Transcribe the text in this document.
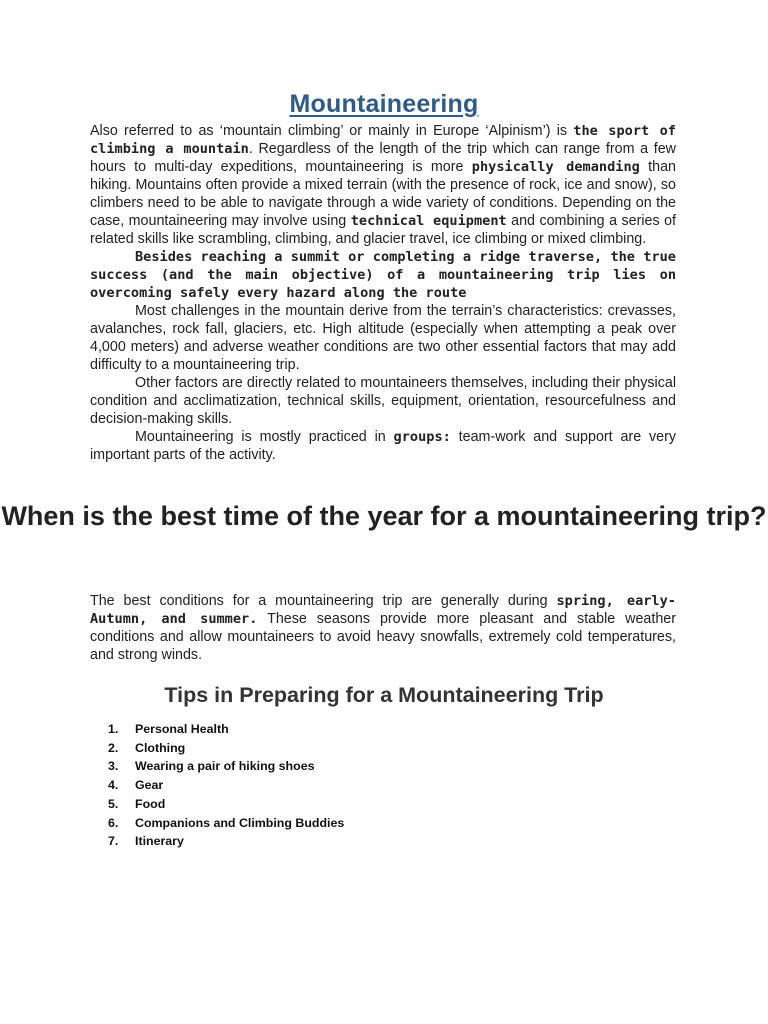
Mountaineering

Also referred to as ‘mountain climbing’ or mainly in Europe ‘Alpinism’) is the sport of climbing a mountain. Regardless of the length of the trip which can range from a few hours to multi-day expeditions, mountaineering is more physically demanding than hiking. Mountains often provide a mixed terrain (with the presence of rock, ice and snow), so climbers need to be able to navigate through a wide variety of conditions. Depending on the case, mountaineering may involve using technical equipment and combining a series of related skills like scrambling, climbing, and glacier travel, ice climbing or mixed climbing.

Besides reaching a summit or completing a ridge traverse, the true success (and the main objective) of a mountaineering trip lies on overcoming safely every hazard along the route

Most challenges in the mountain derive from the terrain’s characteristics: crevasses, avalanches, rock fall, glaciers, etc. High altitude (especially when attempting a peak over 4,000 meters) and adverse weather conditions are two other essential factors that may add difficulty to a mountaineering trip.

Other factors are directly related to mountaineers themselves, including their physical condition and acclimatization, technical skills, equipment, orientation, resourcefulness and decision-making skills.

Mountaineering is mostly practiced in groups: team-work and support are very important parts of the activity.

When is the best time of the year for a mountaineering trip?

The best conditions for a mountaineering trip are generally during spring, early-Autumn, and summer. These seasons provide more pleasant and stable weather conditions and allow mountaineers to avoid heavy snowfalls, extremely cold temperatures, and strong winds.

Tips in Preparing for a Mountaineering Trip
1. Personal Health
2. Clothing
3. Wearing a pair of hiking shoes
4. Gear
5. Food
6. Companions and Climbing Buddies
7. Itinerary
